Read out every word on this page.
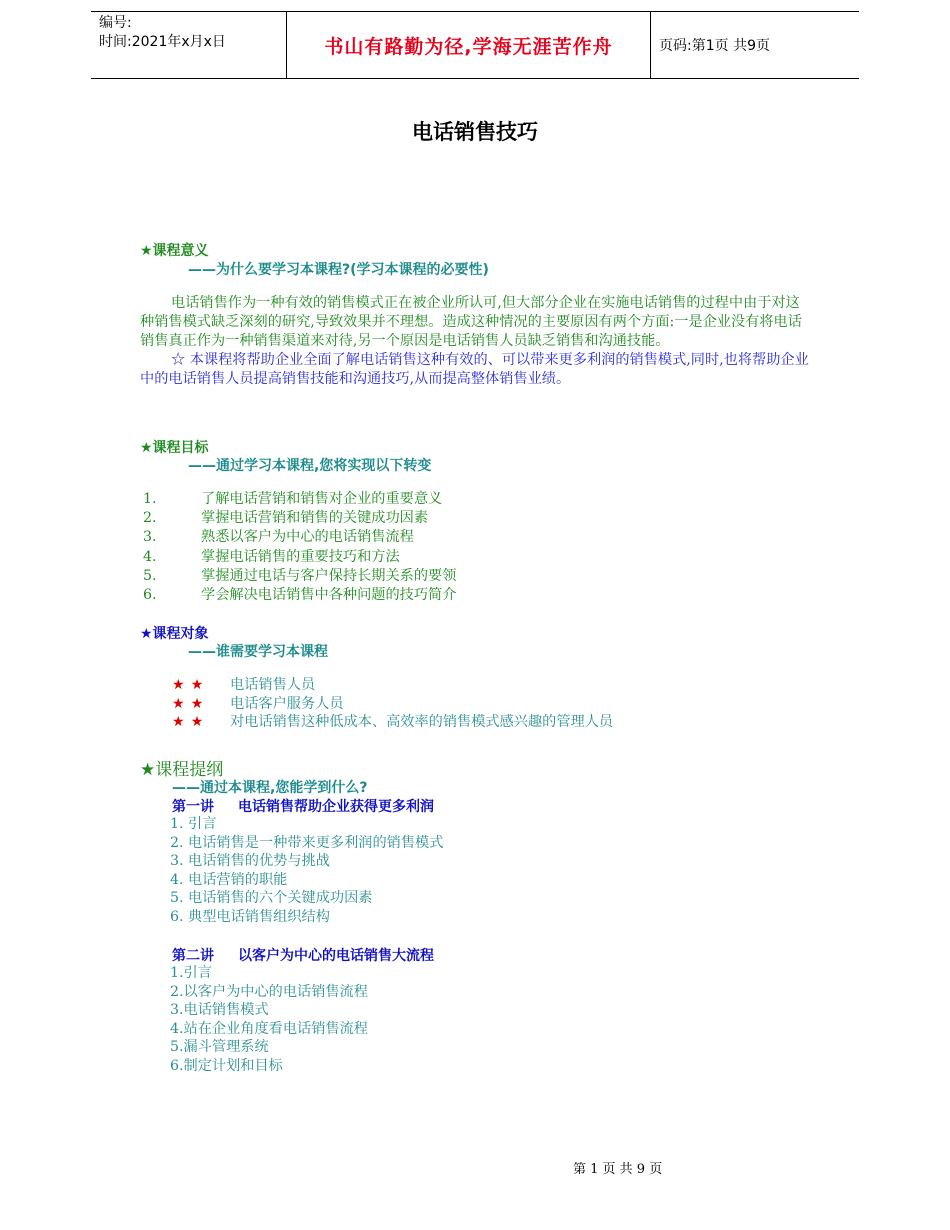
编号:
时间:2021年x月x日	书山有路勤为径,学海无涯苦作舟	页码:第1页 共9页
电话销售技巧
★课程意义
——为什么要学习本课程?(学习本课程的必要性)

电话销售作为一种有效的销售模式正在被企业所认可,但大部分企业在实施电话销售的过程中由于对这种销售模式缺乏深刻的研究,导致效果并不理想。造成这种情况的主要原因有两个方面:一是企业没有将电话销售真正作为一种销售渠道来对待,另一个原因是电话销售人员缺乏销售和沟通技能。

☆ 本课程将帮助企业全面了解电话销售这种有效的、可以带来更多利润的销售模式,同时,也将帮助企业中的电话销售人员提高销售技能和沟通技巧,从而提高整体销售业绩。

★课程目标
——通过学习本课程,您将实现以下转变
1.	了解电话营销和销售对企业的重要意义
2.	掌握电话营销和销售的关键成功因素
3.	熟悉以客户为中心的电话销售流程
4.	掌握电话销售的重要技巧和方法
5.	掌握通过电话与客户保持长期关系的要领
6.	学会解决电话销售中各种问题的技巧简介
★课程对象
——谁需要学习本课程
★★	电话销售人员
★★	电话客户服务人员
★★	对电话销售这种低成本、高效率的销售模式感兴趣的管理人员
★课程提纲
——通过本课程,您能学到什么?
第一讲 电话销售帮助企业获得更多利润
1. 引言
2. 电话销售是一种带来更多利润的销售模式
3. 电话销售的优势与挑战
4. 电话营销的职能
5. 电话销售的六个关键成功因素
6. 典型电话销售组织结构
第二讲 以客户为中心的电话销售大流程
1.引言
2.以客户为中心的电话销售流程
3.电话销售模式
4.站在企业角度看电话销售流程
5.漏斗管理系统
6.制定计划和目标
第 1 页 共 9 页
